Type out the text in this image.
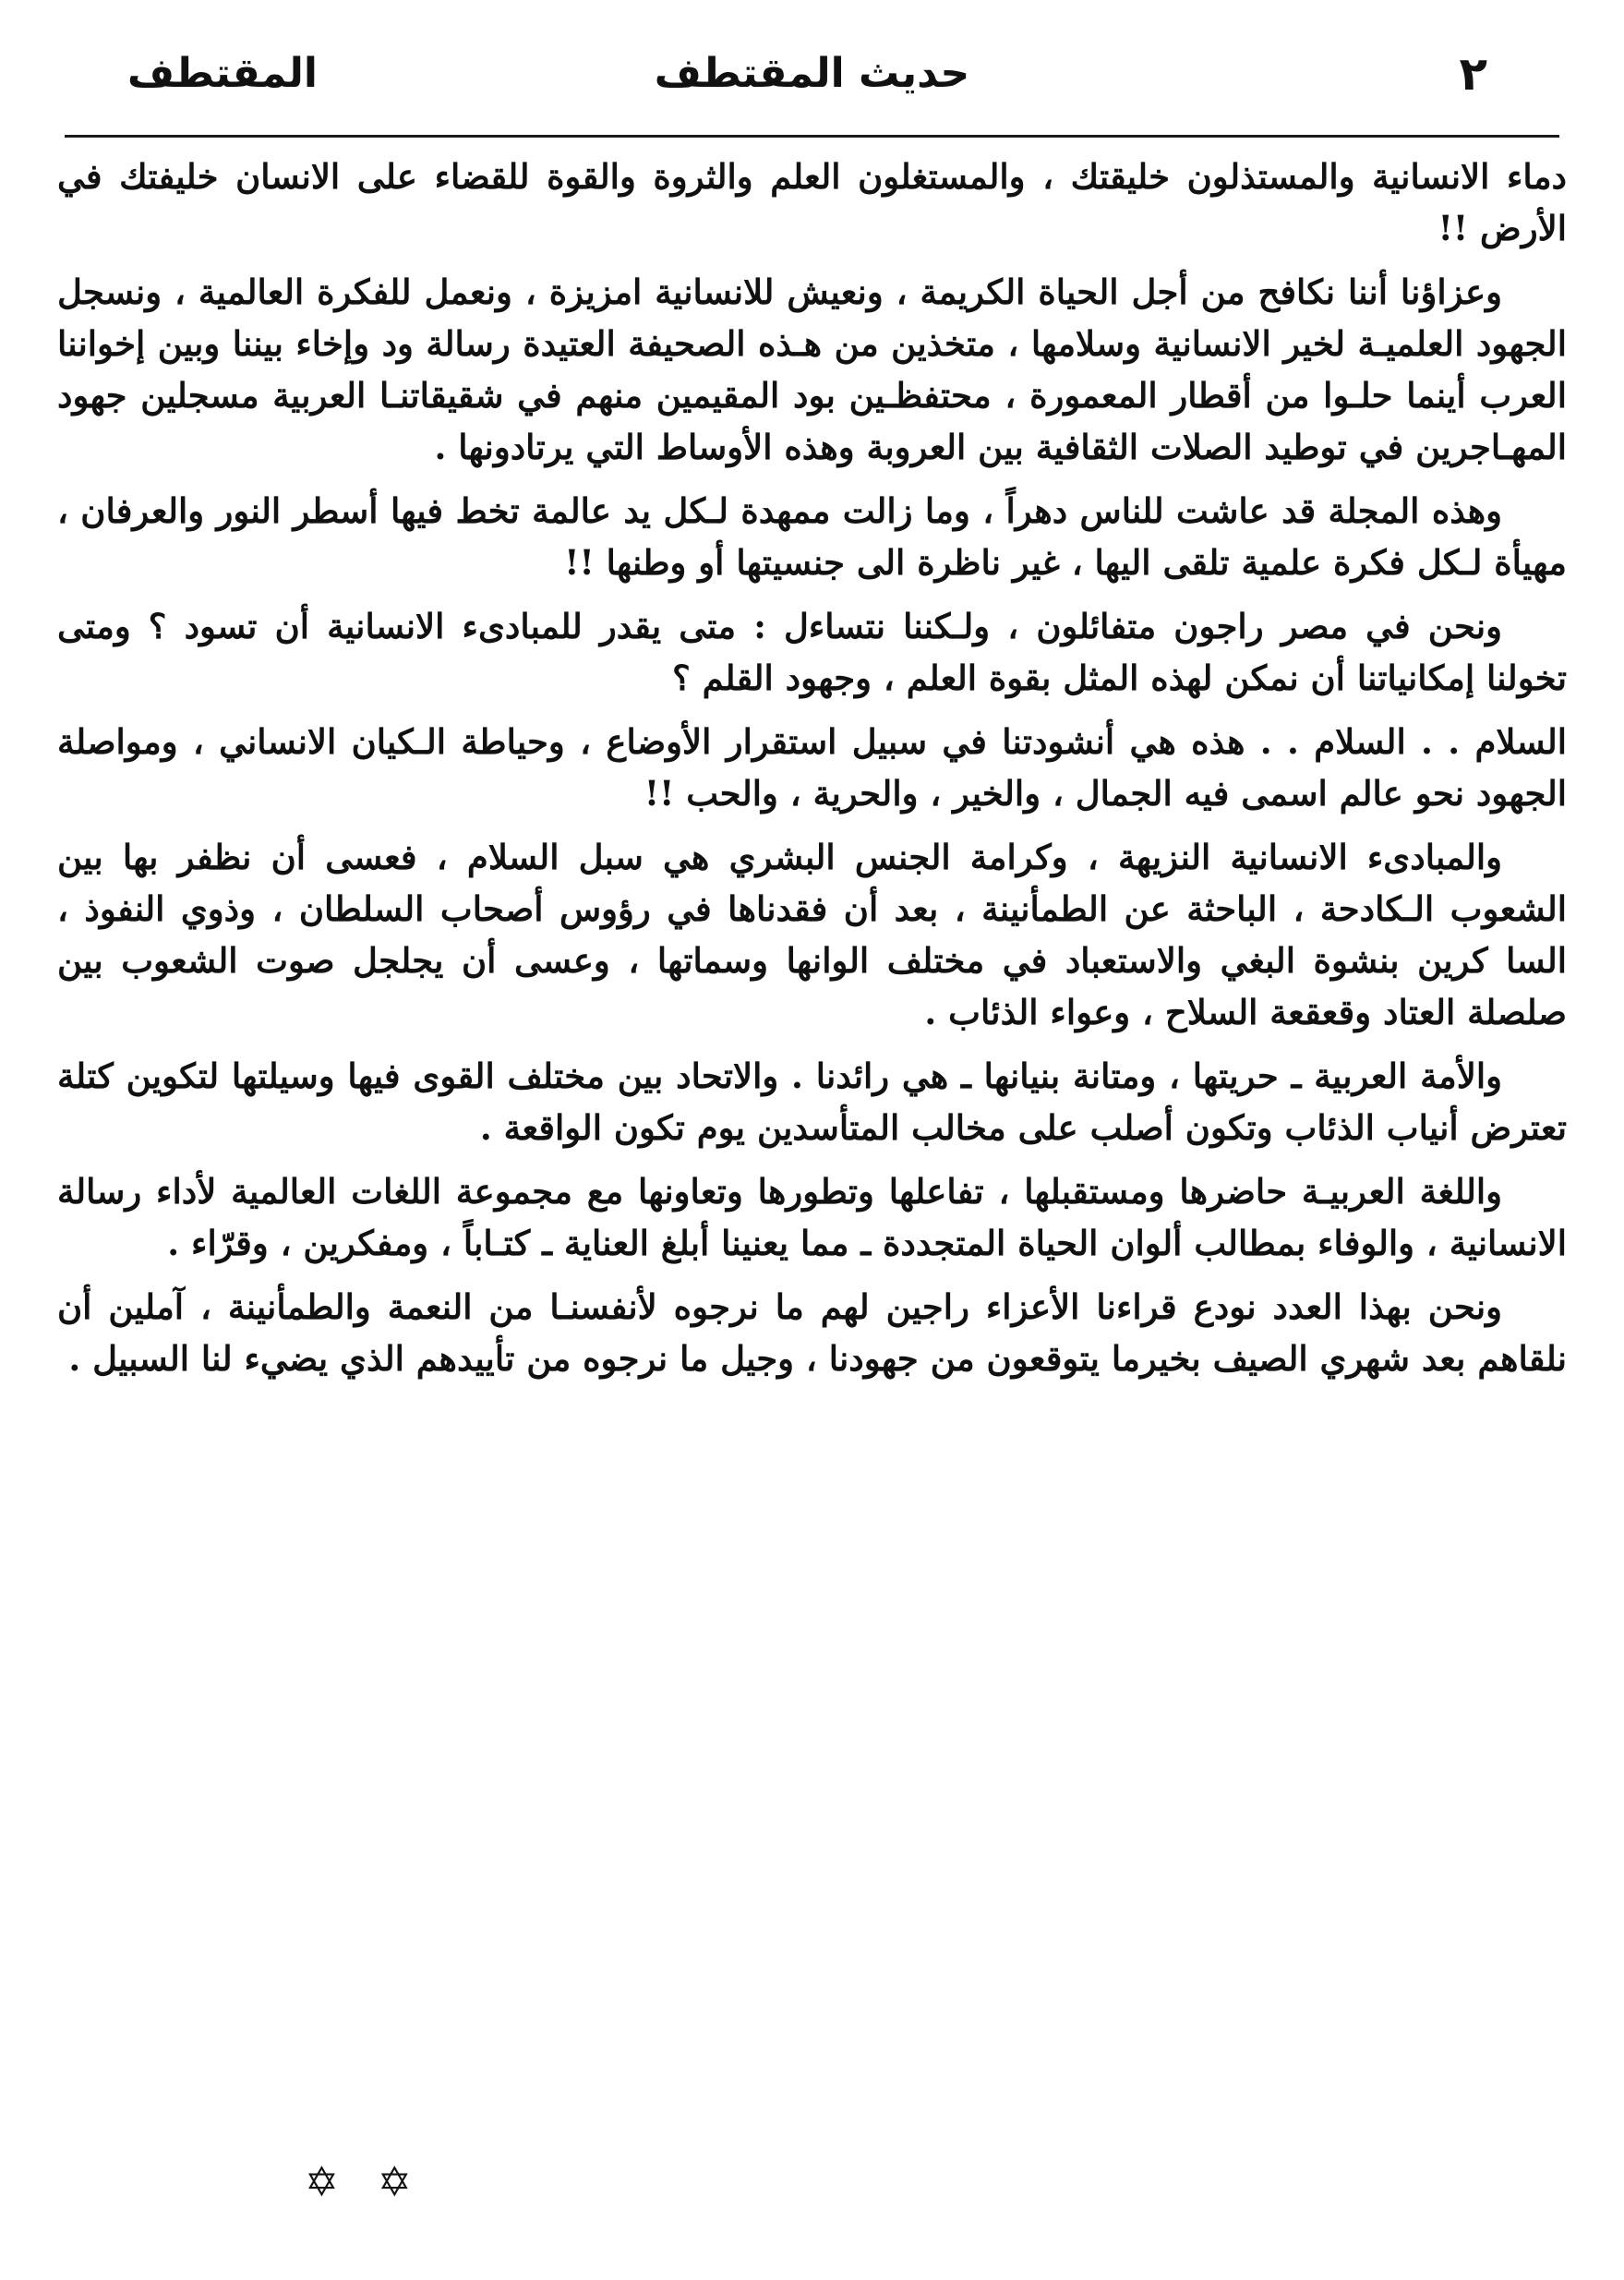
٢
حديث المقتطف
المقتطف

دماء الانسانية والمستذلون خليقتك ، والمستغلون العلم والثروة والقوة للقضاء على الانسان خليفتك في الأرض !!

وعزاؤنا أننا نكافح من أجل الحياة الكريمة ، ونعيش للانسانية امزيزة ، ونعمل للفكرة العالمية ، ونسجل الجهود العلميـة لخير الانسانية وسلامها ، متخذين من هـذه الصحيفة العتيدة رسالة ود وإخاء بيننا وبين إخواننا العرب أينما حلـوا من أقطار المعمورة ، محتفظـين بود المقيمين منهم في شقيقاتنـا العربية مسجلين جهود المهـاجرين في توطيد الصلات الثقافية بين العروبة وهذه الأوساط التي يرتادونها .

وهذه المجلة قد عاشت للناس دهراً ، وما زالت ممهدة لـكل يد عالمة تخط فيها أسطر النور والعرفان ، مهيأة لـكل فكرة علمية تلقى اليها ، غير ناظرة الى جنسيتها أو وطنها !!

ونحن في مصر راجون متفائلون ، ولـكننا نتساءل : متى يقدر للمبادىء الانسانية أن تسود ؟ ومتى تخولنا إمكانياتنا أن نمكن لهذه المثل بقوة العلم ، وجهود القلم ؟

السلام . . السلام . . هذه هي أنشودتنا في سبيل استقرار الأوضاع ، وحياطة الـكيان الانساني ، ومواصلة الجهود نحو عالم اسمى فيه الجمال ، والخير ، والحرية ، والحب !!

والمبادىء الانسانية النزيهة ، وكرامة الجنس البشري هي سبل السلام ، فعسى أن نظفر بها بين الشعوب الـكادحة ، الباحثة عن الطمأنينة ، بعد أن فقدناها في رؤوس أصحاب السلطان ، وذوي النفوذ ، السا كرين بنشوة البغي والاستعباد في مختلف الوانها وسماتها ، وعسى أن يجلجل صوت الشعوب بين صلصلة العتاد وقعقعة السلاح ، وعواء الذئاب .

والأمة العربية ـ حريتها ، ومتانة بنيانها ـ هي رائدنا . والاتحاد بين مختلف القوى فيها وسيلتها لتكوين كتلة تعترض أنياب الذئاب وتكون أصلب على مخالب المتأسدين يوم تكون الواقعة .

واللغة العربيـة حاضرها ومستقبلها ، تفاعلها وتطورها وتعاونها مع مجموعة اللغات العالمية لأداء رسالة الانسانية ، والوفاء بمطالب ألوان الحياة المتجددة ـ مما يعنينا أبلغ العناية ـ كتـاباً ، ومفكرين ، وقرّاء .

ونحن بهذا العدد نودع قراءنا الأعزاء راجين لهم ما نرجوه لأنفسنـا من النعمة والطمأنينة ، آملين أن نلقاهم بعد شهري الصيف بخيرما يتوقعون من جهودنا ، وجيل ما نرجوه من تأييدهم الذي يضيء لنا السبيل .

✡ ✡
